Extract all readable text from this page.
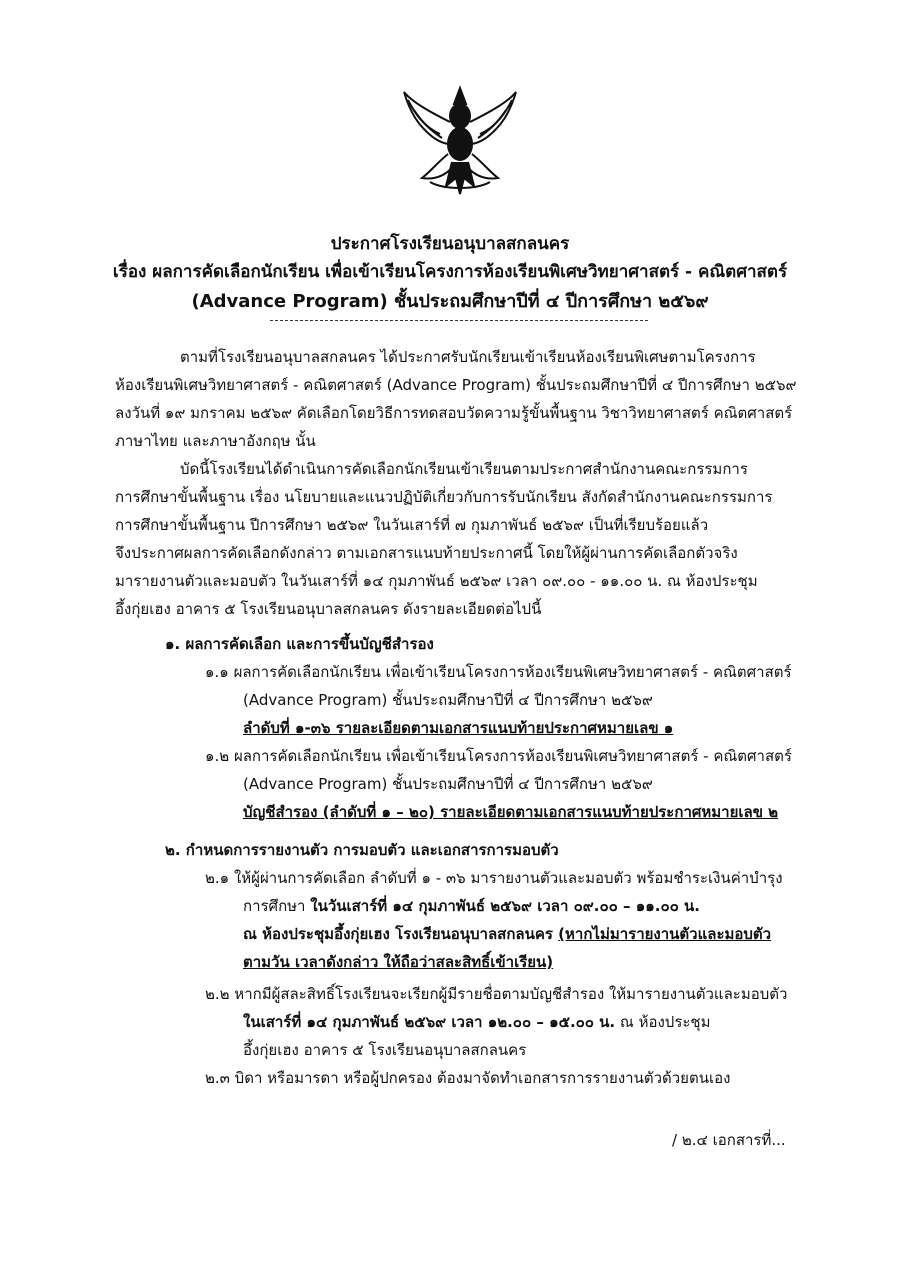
ประกาศโรงเรียนอนุบาลสกลนคร
เรื่อง ผลการคัดเลือกนักเรียน เพื่อเข้าเรียนโครงการห้องเรียนพิเศษวิทยาศาสตร์ - คณิตศาสตร์
(Advance Program) ชั้นประถมศึกษาปีที่ ๔ ปีการศึกษา ๒๕๖๙
ตามที่โรงเรียนอนุบาลสกลนคร ได้ประกาศรับนักเรียนเข้าเรียนห้องเรียนพิเศษตามโครงการ
ห้องเรียนพิเศษวิทยาศาสตร์ - คณิตศาสตร์ (Advance Program) ชั้นประถมศึกษาปีที่ ๔ ปีการศึกษา ๒๕๖๙
ลงวันที่ ๑๙ มกราคม ๒๕๖๙ คัดเลือกโดยวิธีการทดสอบวัดความรู้ขั้นพื้นฐาน วิชาวิทยาศาสตร์ คณิตศาสตร์
ภาษาไทย และภาษาอังกฤษ นั้น
บัดนี้โรงเรียนได้ดำเนินการคัดเลือกนักเรียนเข้าเรียนตามประกาศสำนักงานคณะกรรมการ
การศึกษาขั้นพื้นฐาน เรื่อง นโยบายและแนวปฏิบัติเกี่ยวกับการรับนักเรียน สังกัดสำนักงานคณะกรรมการ
การศึกษาขั้นพื้นฐาน ปีการศึกษา ๒๕๖๙ ในวันเสาร์ที่ ๗ กุมภาพันธ์ ๒๕๖๙ เป็นที่เรียบร้อยแล้ว
จึงประกาศผลการคัดเลือกดังกล่าว ตามเอกสารแนบท้ายประกาศนี้ โดยให้ผู้ผ่านการคัดเลือกตัวจริง
มารายงานตัวและมอบตัว ในวันเสาร์ที่ ๑๔ กุมภาพันธ์ ๒๕๖๙ เวลา ๐๙.๐๐ - ๑๑.๐๐ น. ณ ห้องประชุม
อึ้งกุ่ยเฮง อาคาร ๕ โรงเรียนอนุบาลสกลนคร ดังรายละเอียดต่อไปนี้
๑. ผลการคัดเลือก และการขึ้นบัญชีสำรอง
๑.๑ ผลการคัดเลือกนักเรียน เพื่อเข้าเรียนโครงการห้องเรียนพิเศษวิทยาศาสตร์ - คณิตศาสตร์
(Advance Program) ชั้นประถมศึกษาปีที่ ๔ ปีการศึกษา ๒๕๖๙
ลำดับที่ ๑-๓๖ รายละเอียดตามเอกสารแนบท้ายประกาศหมายเลข ๑
๑.๒ ผลการคัดเลือกนักเรียน เพื่อเข้าเรียนโครงการห้องเรียนพิเศษวิทยาศาสตร์ - คณิตศาสตร์
(Advance Program) ชั้นประถมศึกษาปีที่ ๔ ปีการศึกษา ๒๕๖๙
บัญชีสำรอง (ลำดับที่ ๑ – ๒๐) รายละเอียดตามเอกสารแนบท้ายประกาศหมายเลข ๒
๒. กำหนดการรายงานตัว การมอบตัว และเอกสารการมอบตัว
๒.๑ ให้ผู้ผ่านการคัดเลือก ลำดับที่ ๑ - ๓๖ มารายงานตัวและมอบตัว พร้อมชำระเงินค่าบำรุง
การศึกษา ในวันเสาร์ที่ ๑๔ กุมภาพันธ์ ๒๕๖๙ เวลา ๐๙.๐๐ – ๑๑.๐๐ น.
ณ ห้องประชุมอึ้งกุ่ยเฮง โรงเรียนอนุบาลสกลนคร (หากไม่มารายงานตัวและมอบตัว
ตามวัน เวลาดังกล่าว ให้ถือว่าสละสิทธิ์เข้าเรียน)
๒.๒ หากมีผู้สละสิทธิ์โรงเรียนจะเรียกผู้มีรายชื่อตามบัญชีสำรอง ให้มารายงานตัวและมอบตัว
ในเสาร์ที่ ๑๔ กุมภาพันธ์ ๒๕๖๙ เวลา ๑๒.๐๐ – ๑๕.๐๐ น. ณ ห้องประชุม
อึ้งกุ่ยเฮง อาคาร ๕ โรงเรียนอนุบาลสกลนคร
๒.๓ บิดา หรือมารดา หรือผู้ปกครอง ต้องมาจัดทำเอกสารการรายงานตัวด้วยตนเอง
/ ๒.๔ เอกสารที่...
